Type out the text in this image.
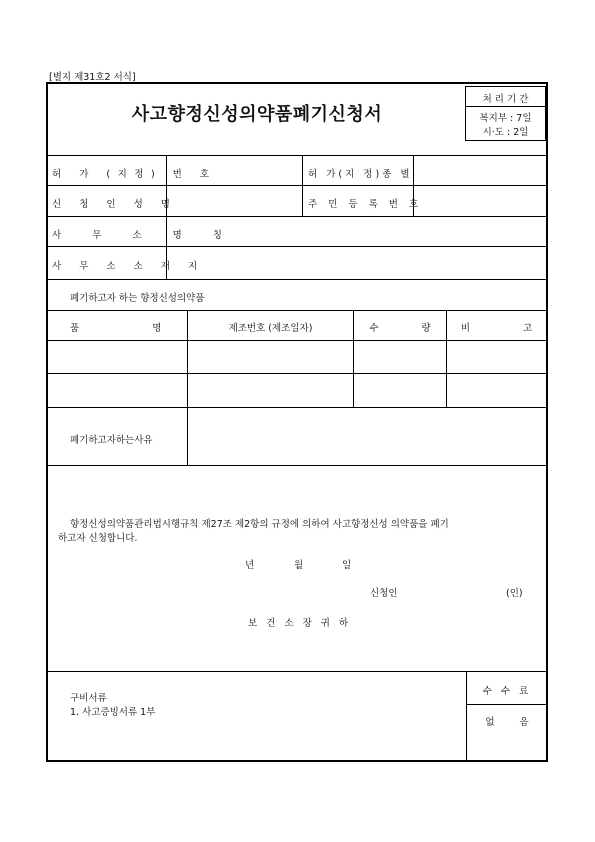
[별지 제31호2 서식]
사고향정신성의약품폐기신청서
처 리 기 간
복지부 : 7일
시·도 : 2일
허 가 (지정) 번 호	허 가(지 정)종 별
신 청 인 성 명	주 민 등 록 번 호
사 무 소 명 칭
사 무 소 소 재 지
폐기하고자 하는 향정신성의약품
품 명	제조번호 (제조일자)	수 량	비 고
폐기하고자하는사유
향정신성의약품관리법시행규칙 제27조 제2항의 규정에 의하여 사고향정신성 의약품을 폐기
하고자 신청합니다.
년	월	일
신청인	(인)
보 건 소 장 귀 하
구비서류
1. 사고증빙서류 1부
수 수 료
없 음
